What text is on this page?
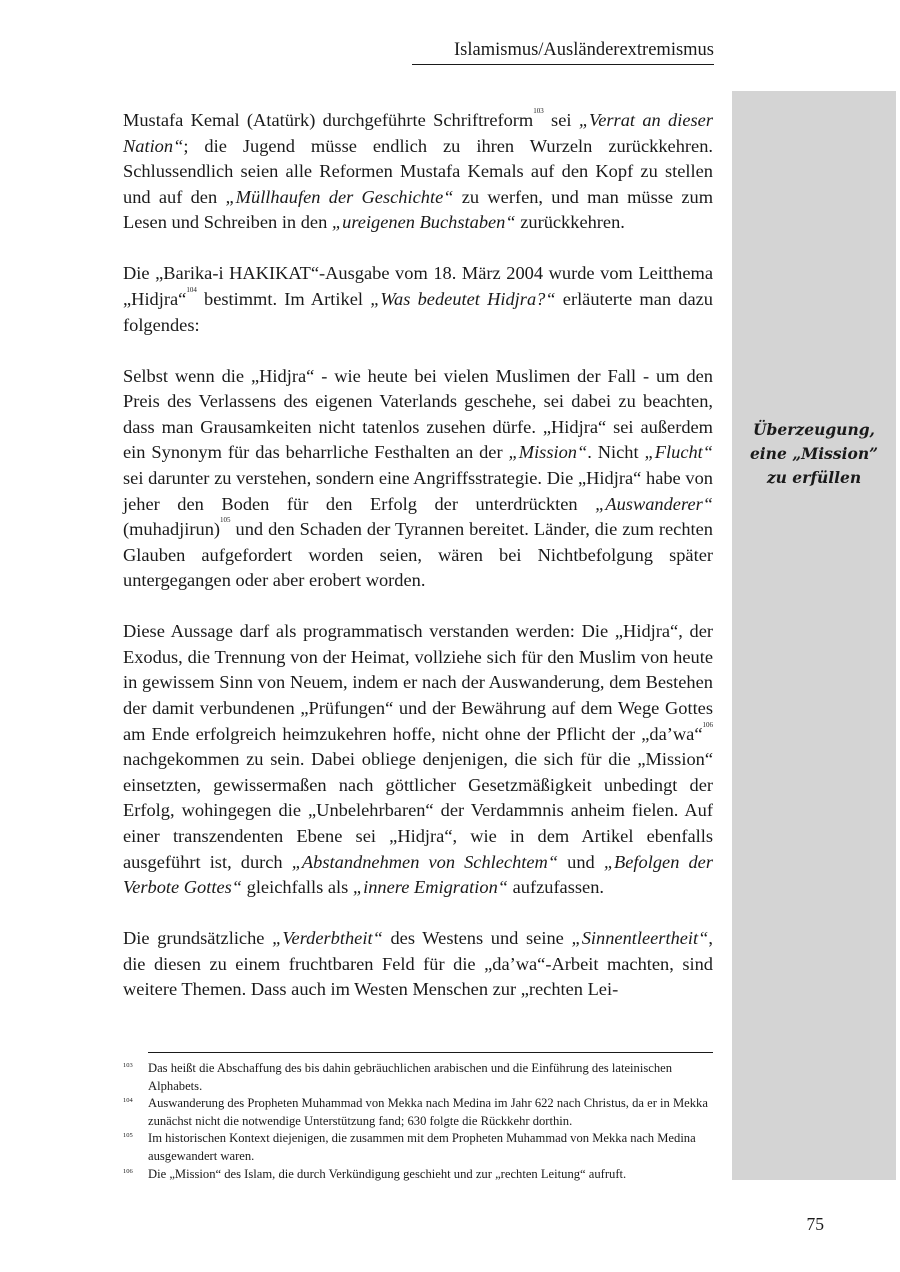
Islamismus/Ausländerextremismus
Überzeugung,
eine „Mission”
zu erfüllen

Mustafa Kemal (Atatürk) durchgeführte Schriftreform$^{103}$ sei „Verrat an dieser Nation“; die Jugend müsse endlich zu ihren Wurzeln zurückkehren. Schlussendlich seien alle Reformen Mustafa Kemals auf den Kopf zu stellen und auf den „Müllhaufen der Geschichte“ zu werfen, und man müsse zum Lesen und Schreiben in den „ureigenen Buchstaben“ zurückkehren.

Die „Barika-i HAKIKAT“-Ausgabe vom 18. März 2004 wurde vom Leitthema „Hidjra“$^{104}$ bestimmt. Im Artikel „Was bedeutet Hidjra?“ erläuterte man dazu folgendes:

Selbst wenn die „Hidjra“ - wie heute bei vielen Muslimen der Fall - um den Preis des Verlassens des eigenen Vaterlands geschehe, sei dabei zu beachten, dass man Grausamkeiten nicht tatenlos zusehen dürfe. „Hidjra“ sei außerdem ein Synonym für das beharrliche Festhalten an der „Mission“. Nicht „Flucht“ sei darunter zu verstehen, sondern eine Angriffsstrategie. Die „Hidjra“ habe von jeher den Boden für den Erfolg der unterdrückten „Auswanderer“ (muhadjirun)$^{105}$ und den Schaden der Tyrannen bereitet. Länder, die zum rechten Glauben aufgefordert worden seien, wären bei Nichtbefolgung später untergegangen oder aber erobert worden.

Diese Aussage darf als programmatisch verstanden werden: Die „Hidjra“, der Exodus, die Trennung von der Heimat, vollziehe sich für den Muslim von heute in gewissem Sinn von Neuem, indem er nach der Auswanderung, dem Bestehen der damit verbundenen „Prüfungen“ und der Bewährung auf dem Wege Gottes am Ende erfolgreich heimzukehren hoffe, nicht ohne der Pflicht der „da’wa“$^{106}$ nachgekommen zu sein. Dabei obliege denjenigen, die sich für die „Mission“ einsetzten, gewissermaßen nach göttlicher Gesetzmäßigkeit unbedingt der Erfolg, wohingegen die „Unbelehrbaren“ der Verdammnis anheim fielen. Auf einer transzendenten Ebene sei „Hidjra“, wie in dem Artikel ebenfalls ausgeführt ist, durch „Abstandnehmen von Schlechtem“ und „Befolgen der Verbote Gottes“ gleichfalls als „innere Emigration“ aufzufassen.

Die grundsätzliche „Verderbtheit“ des Westens und seine „Sinnentleertheit“, die diesen zu einem fruchtbaren Feld für die „da’wa“-Arbeit machten, sind weitere Themen. Dass auch im Westen Menschen zur „rechten Lei-

103 Das heißt die Abschaffung des bis dahin gebräuchlichen arabischen und die Einführung des lateinischen Alphabets.
104 Auswanderung des Propheten Muhammad von Mekka nach Medina im Jahr 622 nach Christus, da er in Mekka zunächst nicht die notwendige Unterstützung fand; 630 folgte die Rückkehr dorthin.
105 Im historischen Kontext diejenigen, die zusammen mit dem Propheten Muhammad von Mekka nach Medina ausgewandert waren.
106 Die „Mission“ des Islam, die durch Verkündigung geschieht und zur „rechten Leitung“ aufruft.
75
